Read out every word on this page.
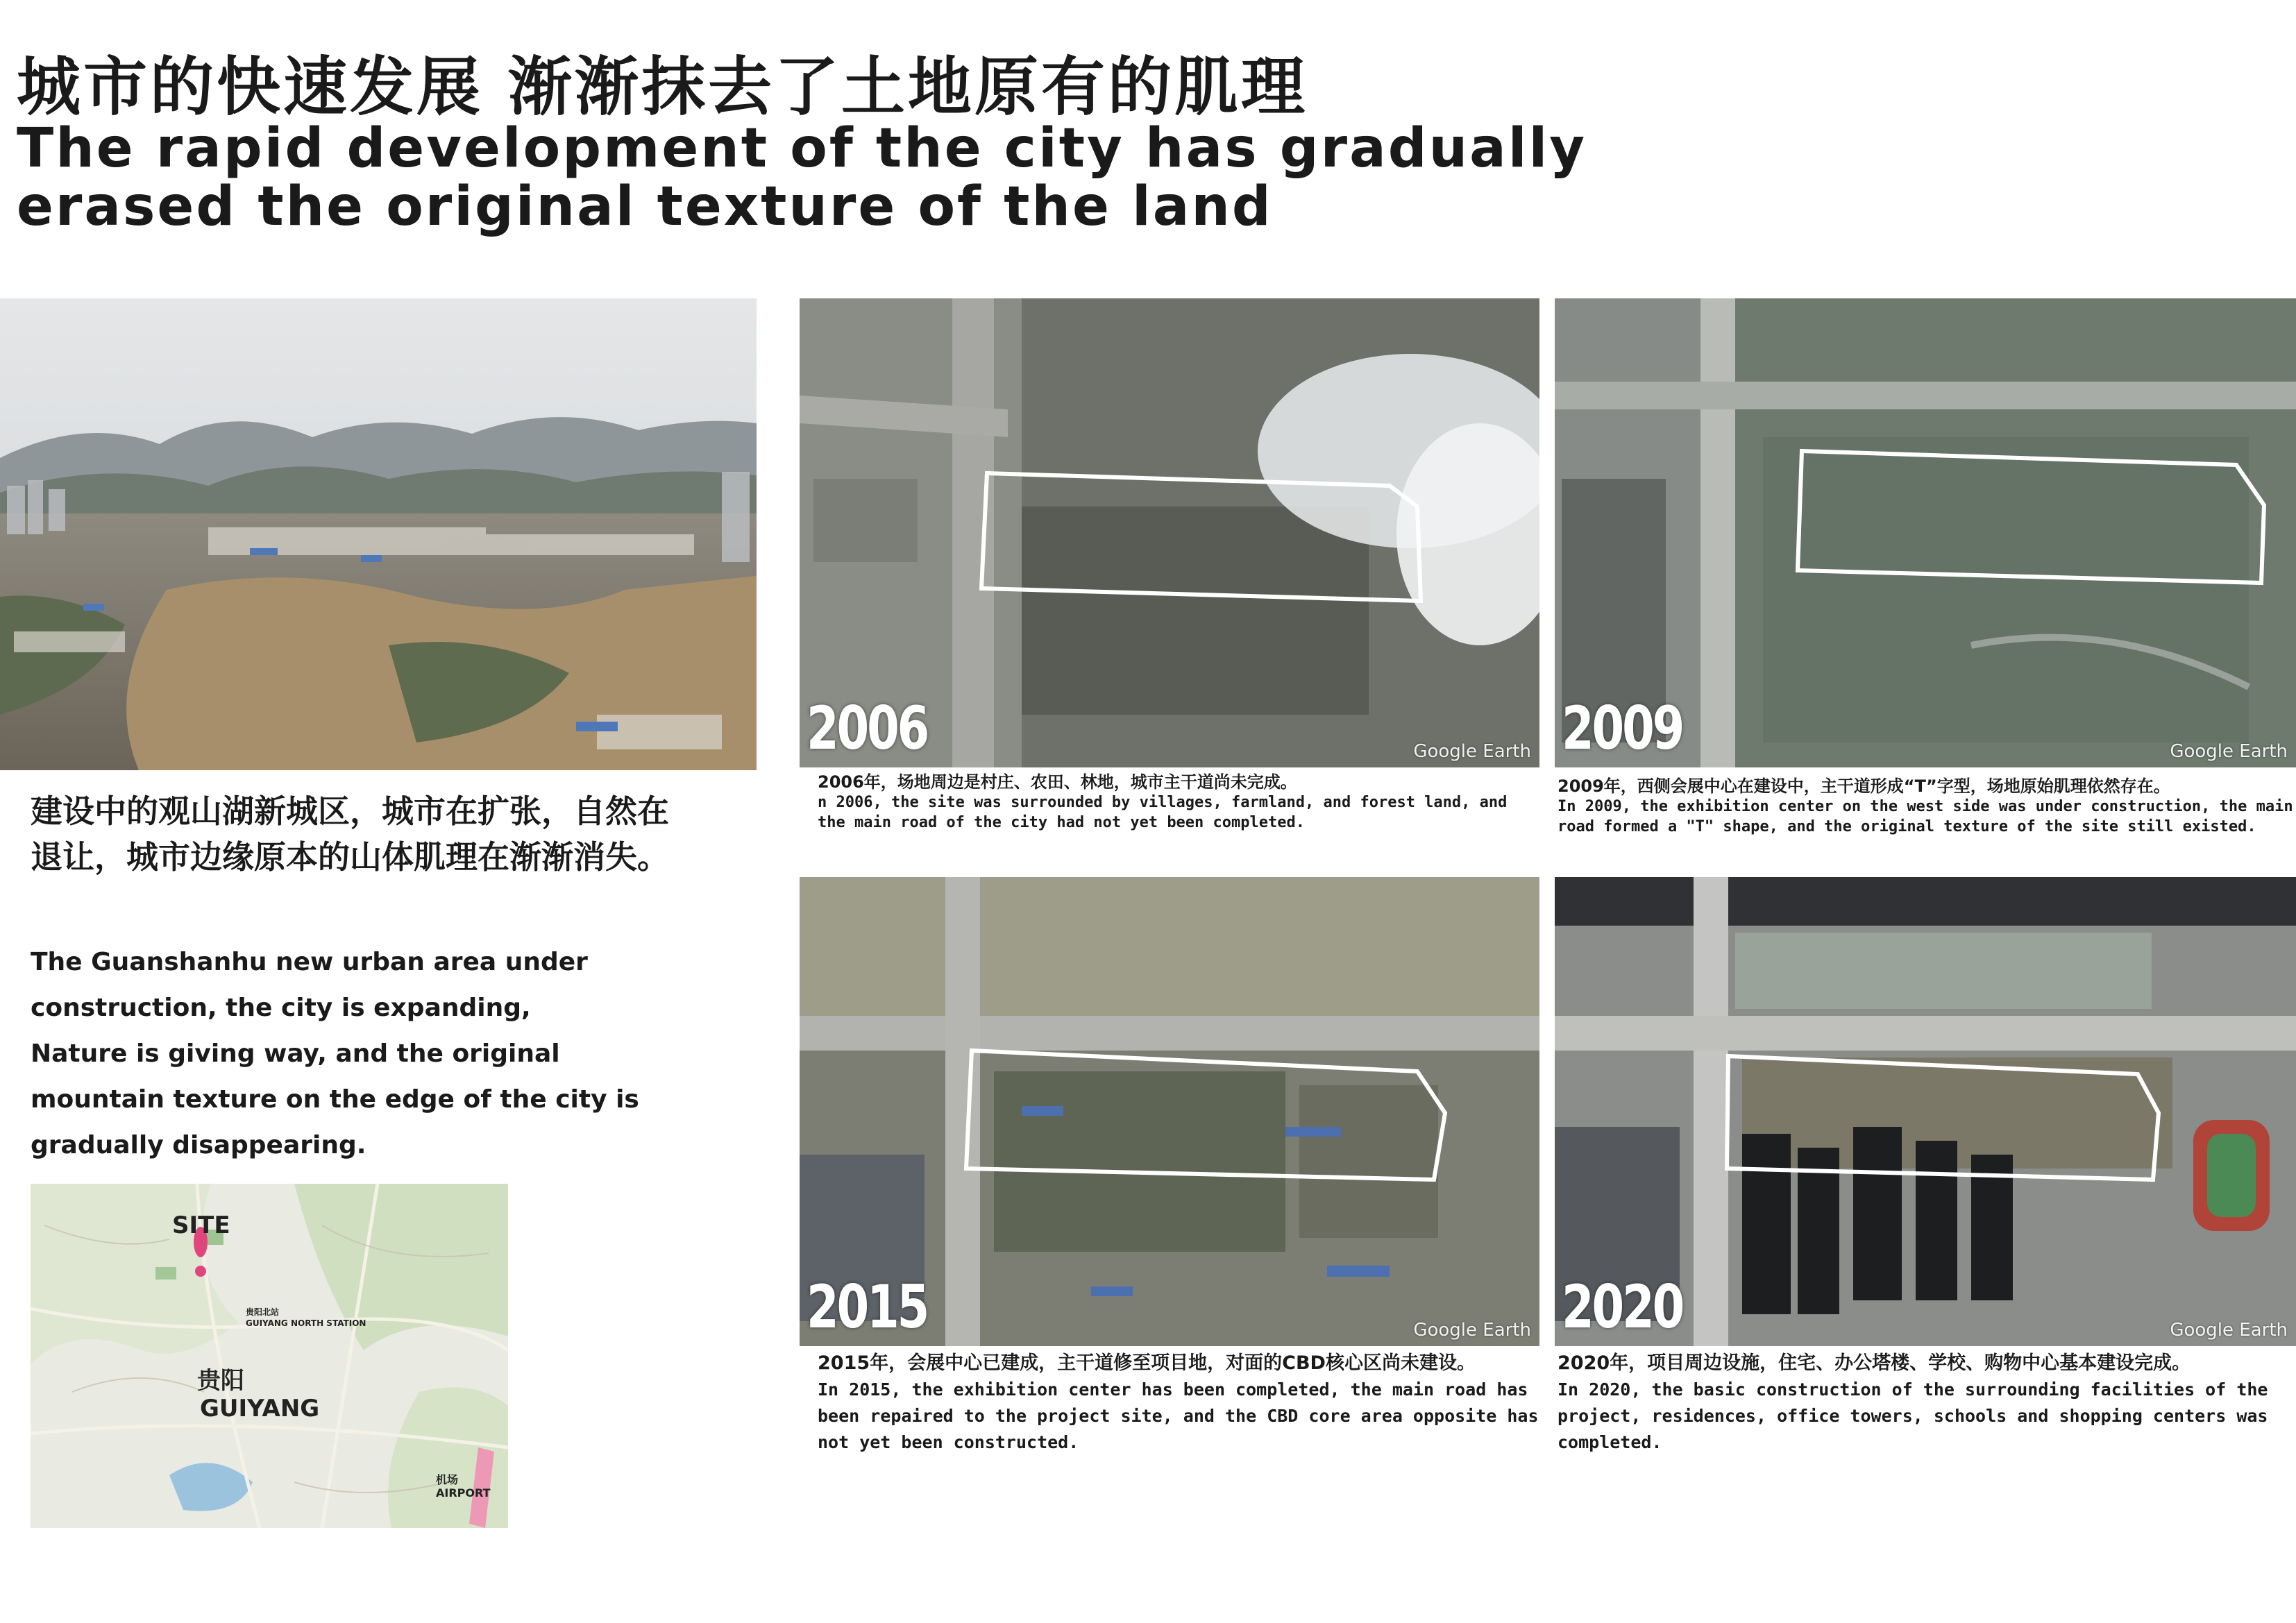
城市的快速发展 渐渐抹去了土地原有的肌理
The rapid development of the city has gradually
erased the original texture of the land
建设中的观山湖新城区，城市在扩张，自然在退让，城市边缘原本的山体肌理在渐渐消失。
The Guanshanhu new urban area under
construction, the city is expanding,
Nature is giving way, and the original
mountain texture on the edge of the city is
gradually disappearing.
SITE
贵阳北站
GUIYANG NORTH STATION
贵阳
GUIYANG
机场
AIRPORT
2006	Google Earth
2006年，场地周边是村庄、农田、林地，城市主干道尚未完成。
n 2006, the site was surrounded by villages, farmland, and forest land, and the main road of the city had not yet been completed.
2009	Google Earth
2009年，西侧会展中心在建设中，主干道形成“T”字型，场地原始肌理依然存在。
In 2009, the exhibition center on the west side was under construction, the main road formed a "T" shape, and the original texture of the site still existed.
2015	Google Earth
2015年，会展中心已建成，主干道修至项目地，对面的CBD核心区尚未建设。
In 2015, the exhibition center has been completed, the main road has been repaired to the project site, and the CBD core area opposite has not yet been constructed.
2020	Google Earth
2020年，项目周边设施，住宅、办公塔楼、学校、购物中心基本建设完成。
In 2020, the basic construction of the surrounding facilities of the project, residences, office towers, schools and shopping centers was completed.
